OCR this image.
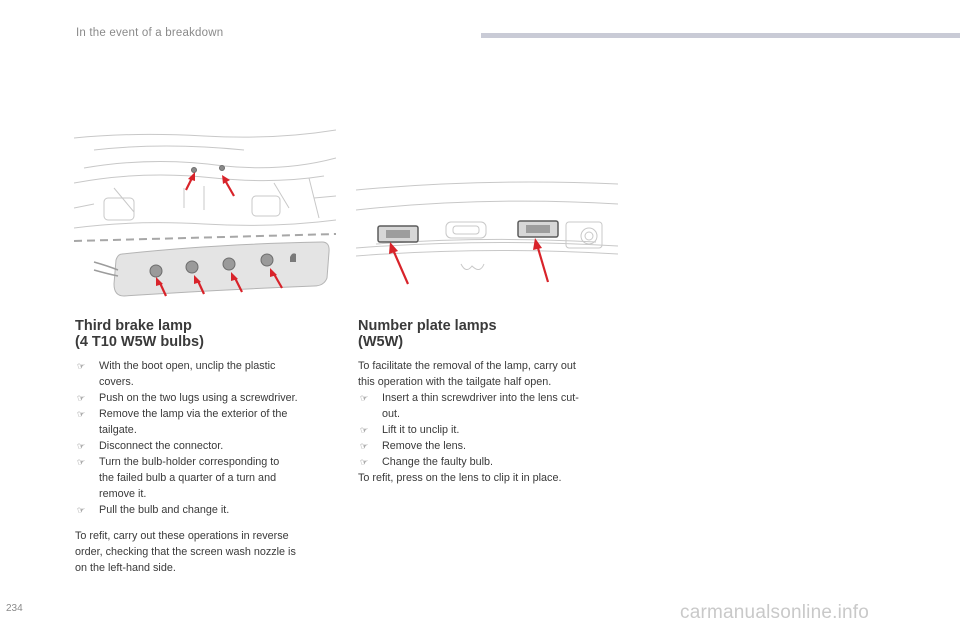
In the event of a breakdown
Third brake lamp
(4 T10 W5W bulbs)
☞ With the boot open, unclip the plastic
covers.
☞ Push on the two lugs using a screwdriver.
☞ Remove the lamp via the exterior of the
tailgate.
☞ Disconnect the connector.
☞ Turn the bulb-holder corresponding to
the failed bulb a quarter of a turn and
remove it.
☞ Pull the bulb and change it.
To refit, carry out these operations in reverse
order, checking that the screen wash nozzle is
on the left-hand side.
Number plate lamps
(W5W)
To facilitate the removal of the lamp, carry out
this operation with the tailgate half open.
☞ Insert a thin screwdriver into the lens cut-
out.
☞ Lift it to unclip it.
☞ Remove the lens.
☞ Change the faulty bulb.
To refit, press on the lens to clip it in place.
234	carmanualsonline.info
